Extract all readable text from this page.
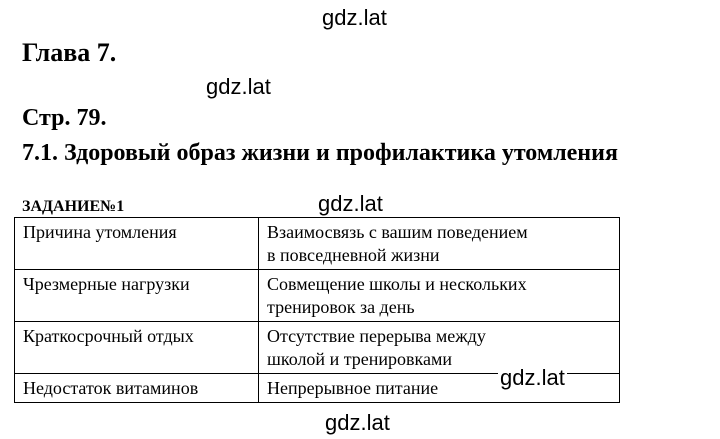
gdz.lat
Глава 7.
gdz.lat
Стр. 79.
7.1. Здоровый образ жизни и профилактика утомления
ЗАДАНИЕ№1	gdz.lat
Причина утомления	Взаимосвязь с вашим поведением
в повседневной жизни
Чрезмерные нагрузки	Совмещение школы и нескольких
тренировок за день
Краткосрочный отдых	Отсутствие перерыва между
школой и тренировками
Недостаток витаминов	Непрерывное питание	gdz.lat
gdz.lat
